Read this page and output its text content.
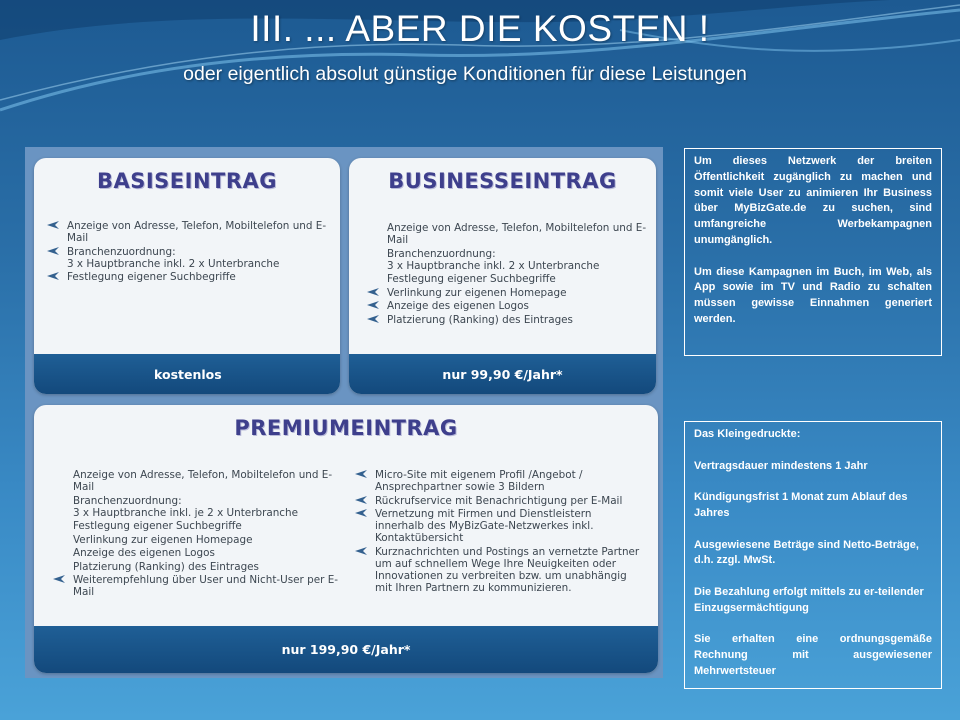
III. ... ABER DIE KOSTEN !
oder eigentlich absolut günstige Konditionen für diese Leistungen
BASISEINTRAG
Anzeige von Adresse, Telefon, Mobiltelefon und E-Mail
Branchenzuordnung:
3 x Hauptbranche inkl. 2 x Unterbranche
Festlegung eigener Suchbegriffe
kostenlos
BUSINESSEINTRAG
Anzeige von Adresse, Telefon, Mobiltelefon und E-Mail
Branchenzuordnung:
3 x Hauptbranche inkl. 2 x Unterbranche
Festlegung eigener Suchbegriffe
Verlinkung zur eigenen Homepage
Anzeige des eigenen Logos
Platzierung (Ranking) des Eintrages
nur 99,90 €/Jahr*
PREMIUMEINTRAG
Anzeige von Adresse, Telefon, Mobiltelefon und E-Mail
Branchenzuordnung:
3 x Hauptbranche inkl. je 2 x Unterbranche
Festlegung eigener Suchbegriffe
Verlinkung zur eigenen Homepage
Anzeige des eigenen Logos
Platzierung (Ranking) des Eintrages
Weiterempfehlung über User und Nicht-User per E-Mail
Micro-Site mit eigenem Profil /Angebot / Ansprechpartner sowie 3 Bildern
Rückrufservice mit Benachrichtigung per E-Mail
Vernetzung mit Firmen und Dienstleistern innerhalb des MyBizGate-Netzwerkes inkl. Kontaktübersicht
Kurznachrichten und Postings an vernetzte Partner um auf schnellem Wege Ihre Neuigkeiten oder Innovationen zu verbreiten bzw. um unabhängig mit Ihren Partnern zu kommunizieren.
nur 199,90 €/Jahr*

Um dieses Netzwerk der breiten Öffentlichkeit zugänglich zu machen und somit viele User zu animieren Ihr Business über MyBizGate.de zu suchen, sind umfangreiche Werbekampagnen unumgänglich.

Um diese Kampagnen im Buch, im Web, als App sowie im TV und Radio zu schalten müssen gewisse Einnahmen generiert werden.

Das Kleingedruckte:

Vertragsdauer mindestens 1 Jahr

Kündigungsfrist 1 Monat zum Ablauf des Jahres

Ausgewiesene Beträge sind Netto-Beträge, d.h. zzgl. MwSt.

Die Bezahlung erfolgt mittels zu er-teilender Einzugsermächtigung

Sie erhalten eine ordnungsgemäße Rechnung mit ausgewiesener Mehrwertsteuer
